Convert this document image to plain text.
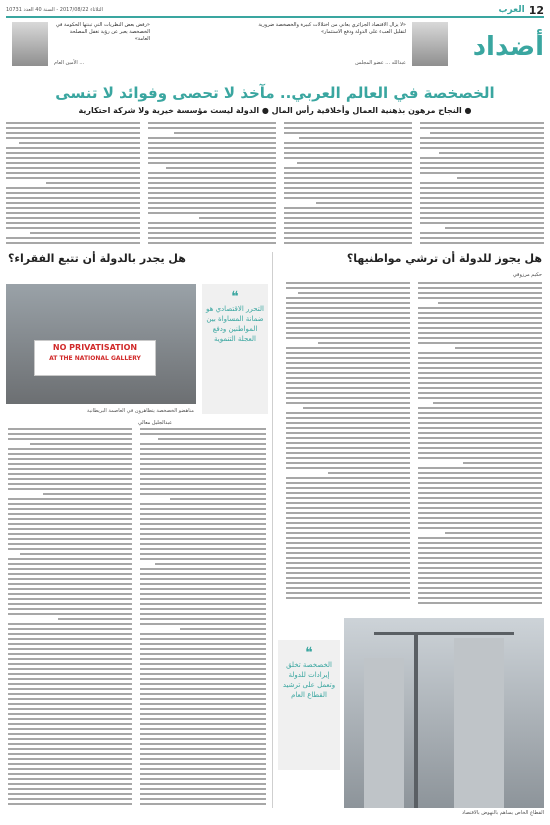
12
العرب
الثلاثاء 2017/08/22 - السنة 40 العدد 10731
أضداد
«لا يزال الاقتصاد الجزائري يعاني من اختلالات كبيرة والخصخصة ضرورية لتقليل العبء على الدولة ودفع الاستثمار»
عبدالله ... عضو المجلس
«رفض بعض النظريات التي تبنتها الحكومة في الخصخصة يعبر عن رؤية تغفل المصلحة العامة»
... الأمين العام
الخصخصة في العالم العربي.. مآخذ لا تحصى وفوائد لا تنسى
● النجاح مرهون بذهنية العمال وأخلاقية رأس المال ● الدولة ليست مؤسسة خيرية ولا شركة احتكارية
هل يجوز للدولة أن ترشي مواطنيها؟
هل يجدر بالدولة أن تتبع الفقراء؟
حكيم مرزوقي
NO PRIVATISATION
AT THE NATIONAL GALLERY
مناهضو الخصخصة يتظاهرون في العاصمة البريطانية
عبدالجليل معالي
❝
التحرر الاقتصادي هو ضمانة المساواة بين المواطنين ودفع العجلة التنموية
❝
الخصخصة تخلق إيرادات للدولة وتعمل على ترشيد القطاع العام
القطاع الخاص يساهم بالنهوض بالاقتصاد
